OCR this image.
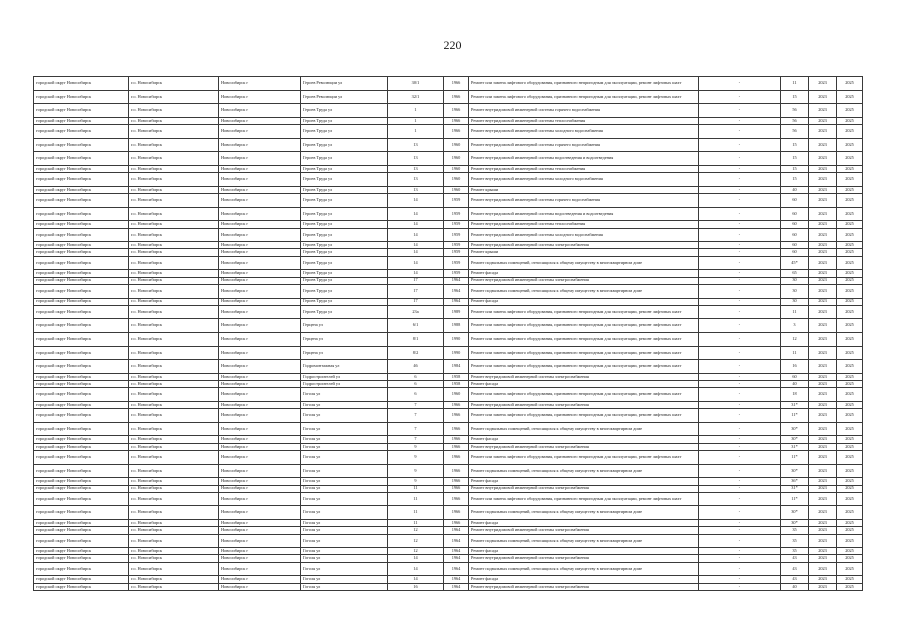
220
городской округ Новосибирск	г.о. Новосибирск	Новосибирск г	Героев Революции ул	30/1	1966	Ремонт или замена лифтового оборудования, признанного непригодным для эксплуатации, ремонт лифтовых шахт	-	11	2023	2025
городской округ Новосибирск	г.о. Новосибирск	Новосибирск г	Героев Революции ул	32/1	1966	Ремонт или замена лифтового оборудования, признанного непригодным для эксплуатации, ремонт лифтовых шахт	-	15	2023	2025
городской округ Новосибирск	г.о. Новосибирск	Новосибирск г	Героев Труда ул	1	1966	Ремонт внутридомовой инженерной системы горячего водоснабжения	-	56	2023	2025
городской округ Новосибирск	г.о. Новосибирск	Новосибирск г	Героев Труда ул	1	1966	Ремонт внутридомовой инженерной системы теплоснабжения	-	56	2023	2025
городской округ Новосибирск	г.о. Новосибирск	Новосибирск г	Героев Труда ул	1	1966	Ремонт внутридомовой инженерной системы холодного водоснабжения	-	56	2023	2025
городской округ Новосибирск	г.о. Новосибирск	Новосибирск г	Героев Труда ул	13	1960	Ремонт внутридомовой инженерной системы горячего водоснабжения	-	15	2023	2025
городской округ Новосибирск	г.о. Новосибирск	Новосибирск г	Героев Труда ул	13	1960	Ремонт внутридомовой инженерной системы водоотведения и водоотведения	-	15	2023	2025
городской округ Новосибирск	г.о. Новосибирск	Новосибирск г	Героев Труда ул	13	1960	Ремонт внутридомовой инженерной системы теплоснабжения	-	15	2023	2025
городской округ Новосибирск	г.о. Новосибирск	Новосибирск г	Героев Труда ул	13	1960	Ремонт внутридомовой инженерной системы холодного водоснабжения	-	15	2023	2025
городской округ Новосибирск	г.о. Новосибирск	Новосибирск г	Героев Труда ул	13	1960	Ремонт крыши	-	40	2023	2025
городской округ Новосибирск	г.о. Новосибирск	Новосибирск г	Героев Труда ул	14	1959	Ремонт внутридомовой инженерной системы горячего водоснабжения	-	60	2023	2025
городской округ Новосибирск	г.о. Новосибирск	Новосибирск г	Героев Труда ул	14	1959	Ремонт внутридомовой инженерной системы водоотведения и водоотведения	-	60	2023	2025
городской округ Новосибирск	г.о. Новосибирск	Новосибирск г	Героев Труда ул	14	1959	Ремонт внутридомовой инженерной системы теплоснабжения	-	60	2023	2025
городской округ Новосибирск	г.о. Новосибирск	Новосибирск г	Героев Труда ул	14	1959	Ремонт внутридомовой инженерной системы холодного водоснабжения	-	60	2023	2025
городской округ Новосибирск	г.о. Новосибирск	Новосибирск г	Героев Труда ул	14	1959	Ремонт внутридомовой инженерной системы электроснабжения	-	60	2023	2025
городской округ Новосибирск	г.о. Новосибирск	Новосибирск г	Героев Труда ул	14	1959	Ремонт крыши	-	60	2023	2025
городской округ Новосибирск	г.о. Новосибирск	Новосибирск г	Героев Труда ул	14	1959	Ремонт подвальных помещений, относящихся к общему имуществу в многоквартирном доме	-	45*	2023	2025
городской округ Новосибирск	г.о. Новосибирск	Новосибирск г	Героев Труда ул	14	1959	Ремонт фасада	-	65	2023	2025
городской округ Новосибирск	г.о. Новосибирск	Новосибирск г	Героев Труда ул	17	1964	Ремонт внутридомовой инженерной системы электроснабжения	-	30	2023	2025
городской округ Новосибирск	г.о. Новосибирск	Новосибирск г	Героев Труда ул	17	1964	Ремонт подвальных помещений, относящихся к общему имуществу в многоквартирном доме	-	30	2023	2025
городской округ Новосибирск	г.о. Новосибирск	Новосибирск г	Героев Труда ул	17	1964	Ремонт фасада	-	30	2023	2025
городской округ Новосибирск	г.о. Новосибирск	Новосибирск г	Героев Труда ул	23а	1989	Ремонт или замена лифтового оборудования, признанного непригодным для эксплуатации, ремонт лифтовых шахт	-	11	2023	2025
городской округ Новосибирск	г.о. Новосибирск	Новосибирск г	Герцена ул	6/1	1988	Ремонт или замена лифтового оборудования, признанного непригодным для эксплуатации, ремонт лифтовых шахт	-	3	2023	2025
городской округ Новосибирск	г.о. Новосибирск	Новосибирск г	Герцена ул	8/1	1990	Ремонт или замена лифтового оборудования, признанного непригодным для эксплуатации, ремонт лифтовых шахт	-	12	2023	2025
городской округ Новосибирск	г.о. Новосибирск	Новосибирск г	Герцена ул	8/2	1990	Ремонт или замена лифтового оборудования, признанного непригодным для эксплуатации, ремонт лифтовых шахт	-	11	2023	2025
городской округ Новосибирск	г.о. Новосибирск	Новосибирск г	Гидромонтажная ул	46	1984	Ремонт или замена лифтового оборудования, признанного непригодным для эксплуатации, ремонт лифтовых шахт	-	16	2023	2025
городской округ Новосибирск	г.о. Новосибирск	Новосибирск г	Гидростроителей ул	6	1958	Ремонт внутридомовой инженерной системы электроснабжения	-	60	2023	2025
городской округ Новосибирск	г.о. Новосибирск	Новосибирск г	Гидростроителей ул	6	1958	Ремонт фасада	-	40	2023	2025
городской округ Новосибирск	г.о. Новосибирск	Новосибирск г	Гоголя ул	6	1960	Ремонт или замена лифтового оборудования, признанного непригодным для эксплуатации, ремонт лифтовых шахт	-	18	2023	2025
городской округ Новосибирск	г.о. Новосибирск	Новосибирск г	Гоголя ул	7	1966	Ремонт внутридомовой инженерной системы электроснабжения	-	31*	2023	2025
городской округ Новосибирск	г.о. Новосибирск	Новосибирск г	Гоголя ул	7	1966	Ремонт или замена лифтового оборудования, признанного непригодным для эксплуатации, ремонт лифтовых шахт	-	11*	2023	2025
городской округ Новосибирск	г.о. Новосибирск	Новосибирск г	Гоголя ул	7	1966	Ремонт подвальных помещений, относящихся к общему имуществу в многоквартирном доме	-	30*	2023	2025
городской округ Новосибирск	г.о. Новосибирск	Новосибирск г	Гоголя ул	7	1966	Ремонт фасада	-	30*	2023	2025
городской округ Новосибирск	г.о. Новосибирск	Новосибирск г	Гоголя ул	9	1966	Ремонт внутридомовой инженерной системы электроснабжения	-	31*	2023	2025
городской округ Новосибирск	г.о. Новосибирск	Новосибирск г	Гоголя ул	9	1966	Ремонт или замена лифтового оборудования, признанного непригодным для эксплуатации, ремонт лифтовых шахт	-	11*	2023	2025
городской округ Новосибирск	г.о. Новосибирск	Новосибирск г	Гоголя ул	9	1966	Ремонт подвальных помещений, относящихся к общему имуществу в многоквартирном доме	-	30*	2023	2025
городской округ Новосибирск	г.о. Новосибирск	Новосибирск г	Гоголя ул	9	1966	Ремонт фасада	-	36*	2023	2025
городской округ Новосибирск	г.о. Новосибирск	Новосибирск г	Гоголя ул	11	1966	Ремонт внутридомовой инженерной системы электроснабжения	-	31*	2023	2025
городской округ Новосибирск	г.о. Новосибирск	Новосибирск г	Гоголя ул	11	1966	Ремонт или замена лифтового оборудования, признанного непригодным для эксплуатации, ремонт лифтовых шахт	-	11*	2023	2025
городской округ Новосибирск	г.о. Новосибирск	Новосибирск г	Гоголя ул	11	1966	Ремонт подвальных помещений, относящихся к общему имуществу в многоквартирном доме	-	30*	2023	2025
городской округ Новосибирск	г.о. Новосибирск	Новосибирск г	Гоголя ул	11	1966	Ремонт фасада	-	30*	2023	2025
городской округ Новосибирск	г.о. Новосибирск	Новосибирск г	Гоголя ул	12	1964	Ремонт внутридомовой инженерной системы электроснабжения	-	35	2023	2025
городской округ Новосибирск	г.о. Новосибирск	Новосибирск г	Гоголя ул	12	1964	Ремонт подвальных помещений, относящихся к общему имуществу в многоквартирном доме	-	35	2023	2025
городской округ Новосибирск	г.о. Новосибирск	Новосибирск г	Гоголя ул	12	1964	Ремонт фасада	-	35	2023	2025
городской округ Новосибирск	г.о. Новосибирск	Новосибирск г	Гоголя ул	14	1964	Ремонт внутридомовой инженерной системы электроснабжения	-	43	2023	2025
городской округ Новосибирск	г.о. Новосибирск	Новосибирск г	Гоголя ул	14	1964	Ремонт подвальных помещений, относящихся к общему имуществу в многоквартирном доме	-	43	2023	2025
городской округ Новосибирск	г.о. Новосибирск	Новосибирск г	Гоголя ул	14	1964	Ремонт фасада	-	43	2023	2025
городской округ Новосибирск	г.о. Новосибирск	Новосибирск г	Гоголя ул	16	1964	Ремонт внутридомовой инженерной системы электроснабжения	-	40	2023	2025
